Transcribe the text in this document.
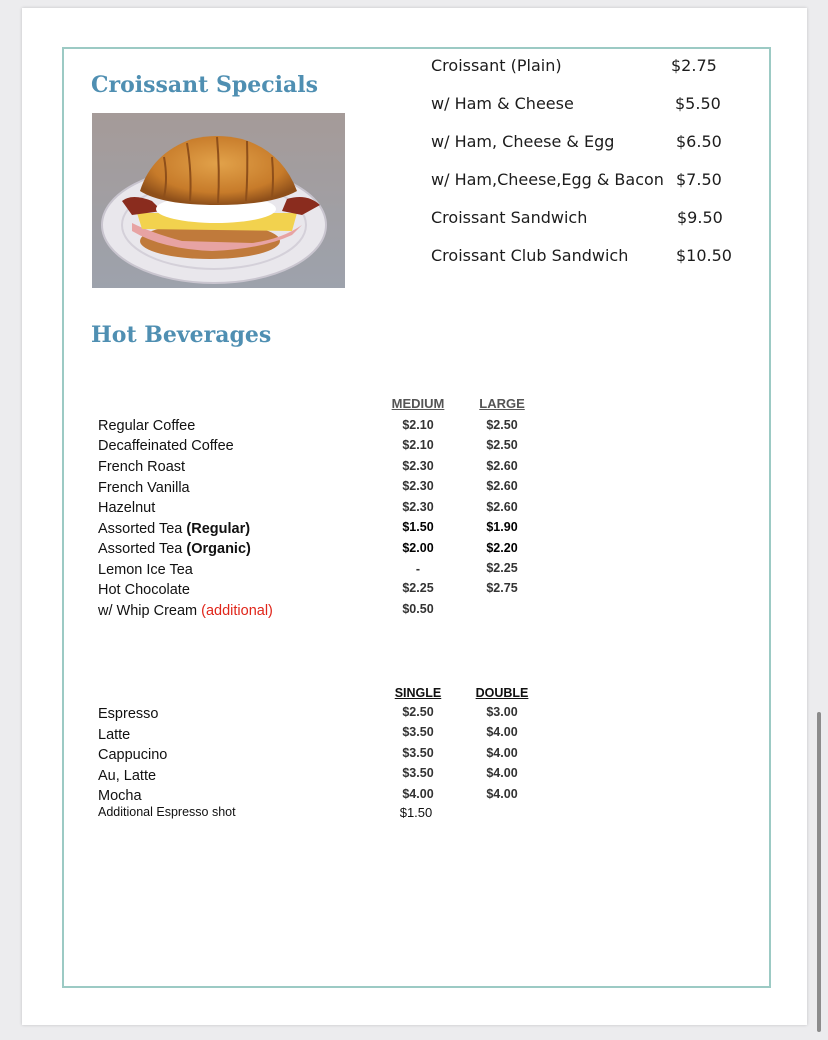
Croissant Specials
Croissant (Plain)	$2.75
w/ Ham & Cheese	$5.50
w/ Ham, Cheese & Egg	$6.50
w/ Ham,Cheese,Egg & Bacon $7.50
Croissant Sandwich	$9.50
Croissant Club Sandwich	$10.50
Hot Beverages
MEDIUM	LARGE
Regular Coffee	$2.10	$2.50
Decaffeinated Coffee	$2.10	$2.50
French Roast	$2.30	$2.60
French Vanilla	$2.30	$2.60
Hazelnut	$2.30	$2.60
Assorted Tea (Regular)	$1.50	$1.90
Assorted Tea (Organic)	$2.00	$2.20
Lemon Ice Tea	-	$2.25
Hot Chocolate	$2.25	$2.75
w/ Whip Cream (additional)	$0.50
SINGLE	DOUBLE
Espresso	$2.50	$3.00
Latte	$3.50	$4.00
Cappucino	$3.50	$4.00
Au, Latte	$3.50	$4.00
Mocha	$4.00	$4.00
Additional Espresso shot	$1.50
